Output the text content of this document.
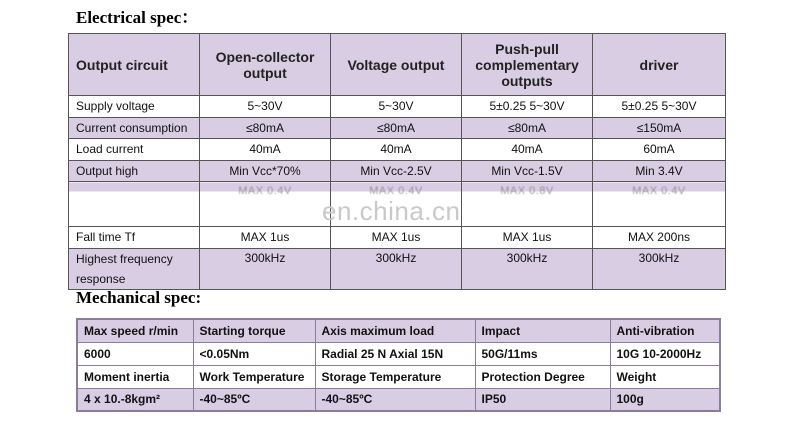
Electrical spec：
Output circuit	Open-collector output	Voltage output	Push-pull complementary outputs	driver
Supply voltage	5~30V	5~30V	5±0.25 5~30V	5±0.25 5~30V
Current consumption	≤80mA	≤80mA	≤80mA	≤150mA
Load current	40mA	40mA	40mA	60mA
Output high	Min Vcc*70%	Min Vcc-2.5V	Min Vcc-1.5V	Min 3.4V
	MAX 0.4V	MAX 0.4V	MAX 0.8V	MAX 0.4V
Fall time Tf	MAX 1us	MAX 1us	MAX 1us	MAX 200ns
Highest frequency response	300kHz	300kHz	300kHz	300kHz
en.china.cn
Mechanical spec:
Max speed r/min	Starting torque	Axis maximum load	Impact	Anti-vibration
6000	<0.05Nm	Radial 25 N Axial 15N	50G/11ms	10G 10-2000Hz
Moment inertia	Work Temperature	Storage Temperature	Protection Degree	Weight
4 x 10.-8kgm²	-40~85ºC	-40~85ºC	IP50	100g
